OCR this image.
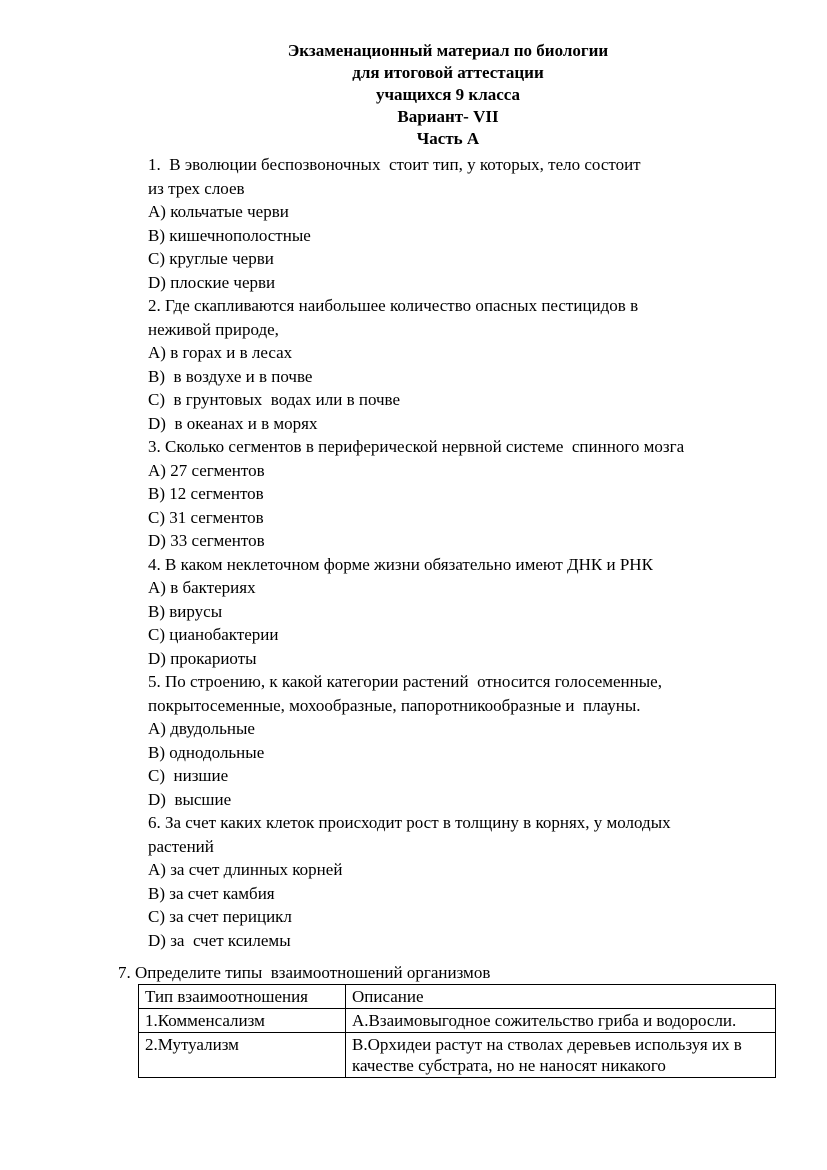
Экзаменационный материал по биологии
для итоговой аттестации
учащихся 9 класса
Вариант- VII
Часть А
1.  В эволюции беспозвоночных  стоит тип, у которых, тело состоит
из трех слоев
А) кольчатые черви
В) кишечнополостные
С) круглые черви
D) плоские черви
2. Где скапливаются наибольшее количество опасных пестицидов в
неживой природе,
А) в горах и в лесах
В)  в воздухе и в почве
С)  в грунтовых  водах или в почве
D)  в океанах и в морях
3. Сколько сегментов в периферической нервной системе  спинного мозга
А) 27 сегментов
В) 12 сегментов
С) 31 сегментов
D) 33 сегментов
4. В каком неклеточном форме жизни обязательно имеют ДНК и РНК
А) в бактериях
В) вирусы
С) цианобактерии
D) прокариоты
5. По строению, к какой категории растений  относится голосеменные,
покрытосеменные, мохообразные, папоротникообразные и  плауны.
А) двудольные
В) однодольные
С)  низшие
D)  высшие
6. За счет каких клеток происходит рост в толщину в корнях, у молодых
растений
А) за счет длинных корней
В) за счет камбия
С) за счет перицикл
D) за  счет ксилемы
7. Определите типы  взаимоотношений организмов
Тип взаимоотношения	Описание
1.Комменсализм	А.Взаимовыгодное сожительство гриба и водоросли.
2.Мутуализм	В.Орхидеи растут на стволах деревьев используя их в качестве субстрата, но не наносят никакого
